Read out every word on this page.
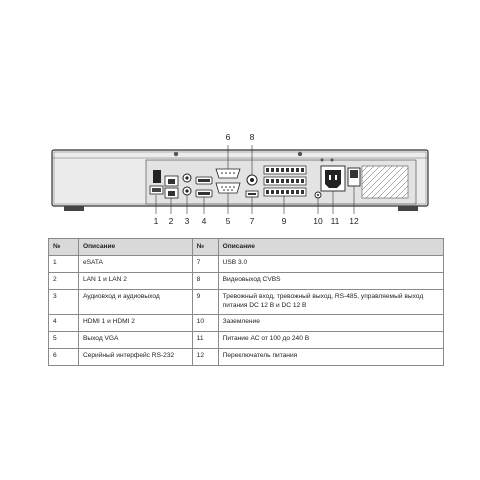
1 2 3 4 5
6
7
8
9	10 11 12
№	Описание	№	Описание
1	eSATA	7	USB 3.0
2	LAN 1 и LAN 2	8	Видеовыход CVBS
3	Аудиовход и аудиовыход	9	Тревожный вход, тревожный выход, RS-485, управляемый выход питания DC 12 В и DC 12 В
4	HDMI 1 и HDMI 2	10	Заземление
5	Выход VGA	11	Питание АС от 100 до 240 В
6	Серийный интерфейс RS-232	12	Переключатель питания
